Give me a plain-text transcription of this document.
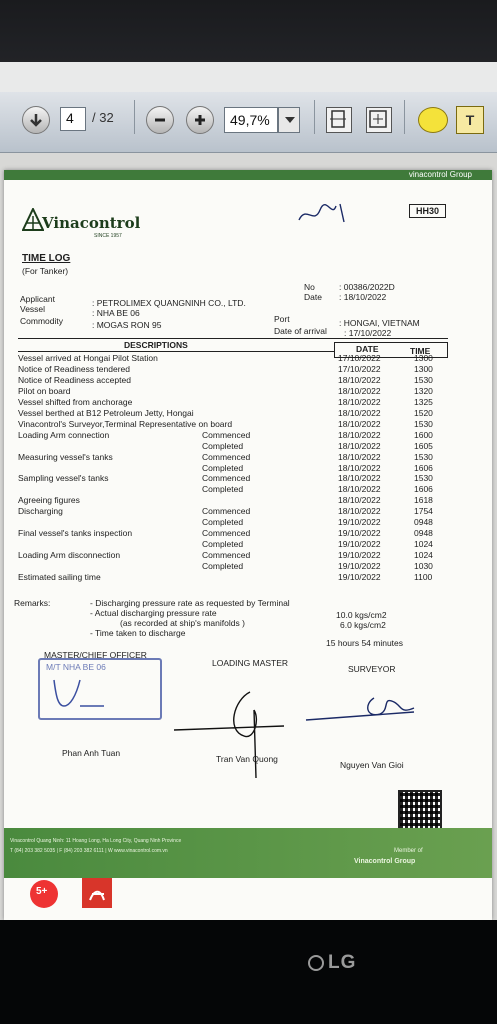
4	/ 32	49,7%	T
vinacontrol Group
HH30
Vinacontrol
SINCE 1957
TIME LOG
(For Tanker)
No	: 00386/2022D
Date : 18/10/2022
Applicant	: PETROLIMEX QUANGNINH CO., LTD.
Vessel	: NHA BE 06
Commodity	: MOGAS RON 95
Port	: HONGAI, VIETNAM
Date of arrival : 17/10/2022
DESCRIPTIONS	DATE	TIME
Vessel arrived at Hongai Pilot Station	17/10/2022	1300
Notice of Readiness tendered	17/10/2022	1300
Notice of Readiness accepted	18/10/2022	1530
Pilot on board	18/10/2022	1320
Vessel shifted from anchorage	18/10/2022	1325
Vessel berthed at B12 Petroleum Jetty, Hongai	18/10/2022	1520
Vinacontrol's Surveyor,Terminal Representative on board	18/10/2022	1530
Loading Arm connection	Commenced	18/10/2022	1600
Completed	18/10/2022	1605
Measuring vessel's tanks	Commenced	18/10/2022	1530
Completed	18/10/2022	1606
Sampling vessel's tanks	Commenced	18/10/2022	1530
Completed	18/10/2022	1606
Agreeing figures	18/10/2022	1618
Discharging	Commenced	18/10/2022	1754
Completed	19/10/2022	0948
Final vessel's tanks inspection	Commenced	19/10/2022	0948
Completed	19/10/2022	1024
Loading Arm disconnection	Commenced	19/10/2022	1024
Completed	19/10/2022	1030
Estimated sailing time	19/10/2022	1100
Remarks:	- Discharging pressure rate as requested by Terminal
10.0 kgs/cm2
- Actual discharging pressure rate
6.0 kgs/cm2
(as recorded at ship's manifolds )
- Time taken to discharge
15 hours 54 minutes
MASTER/CHIEF OFFICER
LOADING MASTER
SURVEYOR
M/T NHA BE 06
Phan Anh Tuan
Tran Van Quong
Nguyen Van Gioi
Vinacontrol Quang Ninh: 11 Hoang Long, Ha Long City, Quang Ninh Province
T (84) 203 382 5035 | F (84) 203 382 6111 | W www.vinacontrol.com.vn	Member of
Vinacontrol Group
5+
LG
